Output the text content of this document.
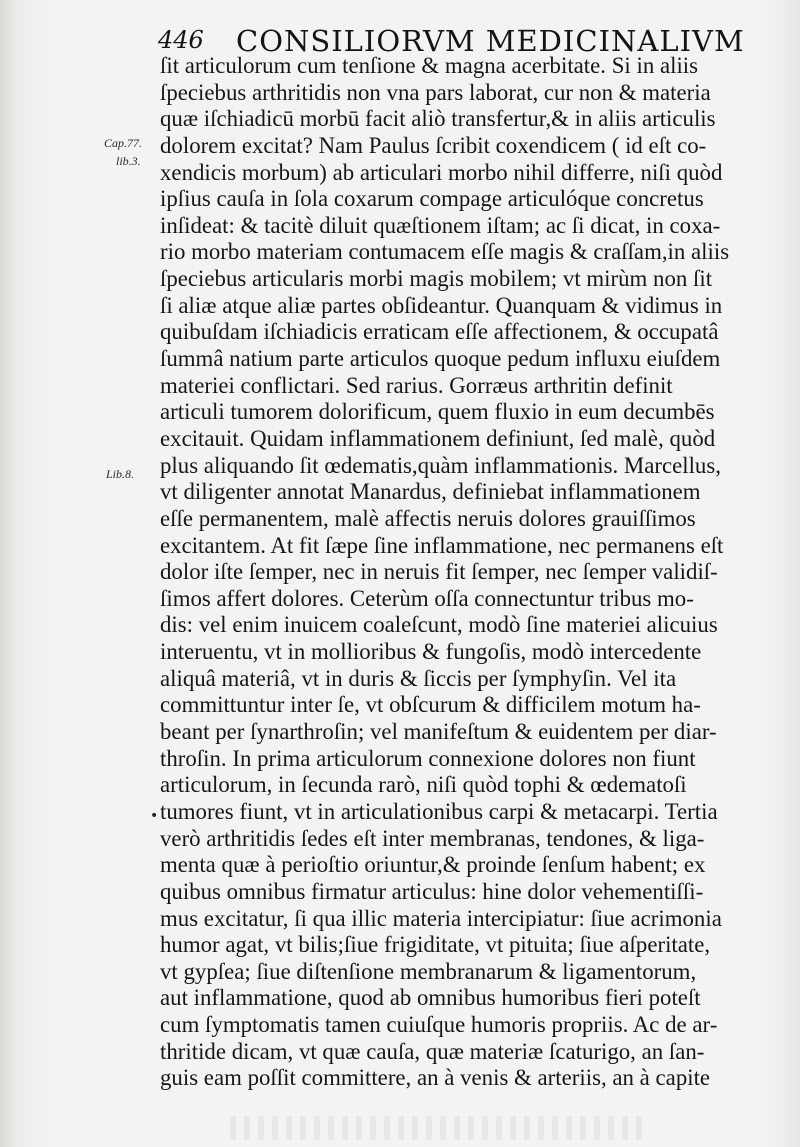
446 CONSILIORVM MEDICINALIVM
Cap.77.
lib.3.
Lib.8.
•
ſit articulorum cum tenſione & magna acerbitate. Si in aliis
ſpeciebus arthritidis non vna pars laborat, cur non & materia
quæ iſchiadicū morbū facit aliò transfertur,& in aliis articulis
dolorem excitat? Nam Paulus ſcribit coxendicem ( id eſt co-
xendicis morbum) ab articulari morbo nihil differre, niſi quòd
ipſius cauſa in ſola coxarum compage articulóque concretus
inſideat: & tacitè diluit quæſtionem iſtam; ac ſi dicat, in coxa-
rio morbo materiam contumacem eſſe magis & craſſam,in aliis
ſpeciebus articularis morbi magis mobilem; vt mirùm non ſit
ſi aliæ atque aliæ partes obſideantur. Quanquam & vidimus in
quibuſdam iſchiadicis erraticam eſſe affectionem, & occupatâ
ſummâ natium parte articulos quoque pedum influxu eiuſdem
materiei conflictari. Sed rarius. Gorræus arthritin definit
articuli tumorem dolorificum, quem fluxio in eum decumbēs
excitauit. Quidam inflammationem definiunt, ſed malè, quòd
plus aliquando ſit œdematis,quàm inflammationis. Marcellus,
vt diligenter annotat Manardus, definiebat inflammationem
eſſe permanentem, malè affectis neruis dolores grauiſſimos
excitantem. At fit ſæpe ſine inflammatione, nec permanens eſt
dolor iſte ſemper, nec in neruis fit ſemper, nec ſemper validiſ-
ſimos affert dolores. Ceterùm oſſa connectuntur tribus mo-
dis: vel enim inuicem coaleſcunt, modò ſine materiei alicuius
interuentu, vt in mollioribus & fungoſis, modò intercedente
aliquâ materiâ, vt in duris & ſiccis per ſymphyſin. Vel ita
committuntur inter ſe, vt obſcurum & difficilem motum ha-
beant per ſynarthroſin; vel manifeſtum & euidentem per diar-
throſin. In prima articulorum connexione dolores non fiunt
articulorum, in ſecunda rarò, niſi quòd tophi & œdematoſi
tumores fiunt, vt in articulationibus carpi & metacarpi. Tertia
verò arthritidis ſedes eſt inter membranas, tendones, & liga-
menta quæ à perioſtio oriuntur,& proinde ſenſum habent; ex
quibus omnibus firmatur articulus: hine dolor vehementiſſi-
mus excitatur, ſi qua illic materia intercipiatur: ſiue acrimonia
humor agat, vt bilis;ſiue frigiditate, vt pituita; ſiue aſperitate,
vt gypſea; ſiue diſtenſione membranarum & ligamentorum,
aut inflammatione, quod ab omnibus humoribus fieri poteſt
cum ſymptomatis tamen cuiuſque humoris propriis. Ac de ar-
thritide dicam, vt quæ cauſa, quæ materiæ ſcaturigo, an ſan-
guis eam poſſit committere, an à venis & arteriis, an à capite
